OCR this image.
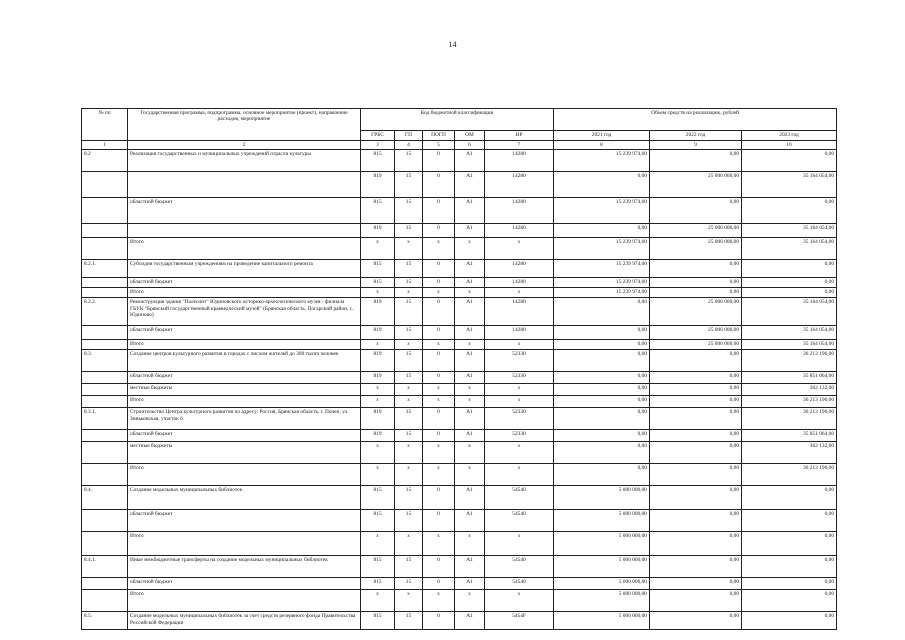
14
№ пп	Государственная программа, подпрограмма, основное мероприятие (проект), направление расходов, мероприятие	Код бюджетной классификации					Объем средств на реализацию, рублей		
		ГРБС	ГП	ПОГП	ОМ	НР	2021 год	2022 год	2023 год
1	2	3	4	5	6	7	8	9	10
8.2	Реализация государственных и муниципальных учреждений отрасли культуры	815	15	0	A1	14280	15 239 974,00	0,00	0,00
		819	15	0	A1	14280	0,00	25 000 000,00	35 164 054,00
	областной бюджет	815	15	0	A1	14280	15 239 974,00	0,00	0,00
		819	15	0	A1	14280	0,00	25 000 000,00	35 164 054,00
	Итого	x	x	x	x	x	15 239 974,00	25 000 000,00	35 164 054,00
8.2.1.	Субсидия государственным учреждениям на проведение капитального ремонта	815	15	0	A1	14280	15 239 974,00	0,00	0,00
	областной бюджет	815	15	0	A1	14280	15 239 974,00	0,00	0,00
	Итого	x	x	x	x	x	15 239 974,00	0,00	0,00
8.2.2.	Реконструкция здания "Палеолит" Юдиновского историко-археологического музея - филиала ГБУК "Брянский государственный краеведческий музей" (Брянская область, Погарский район, с. Юдиново)	819	15	0	A1	14280	0,00	25 000 000,00	35 164 054,00
	областной бюджет	819	15	0	A1	14280	0,00	25 000 000,00	35 164 054,00
	Итого	x	x	x	x	x	0,00	25 000 000,00	35 164 054,00
8.3.	Создание центров культурного развития в городах с числом жителей до 300 тысяч человек	819	15	0	A1	52330	0,00	0,00	36 213 196,00
	областной бюджет	819	15	0	A1	52330	0,00	0,00	35 851 064,00
	местные бюджеты	x	x	x	x	x	0,00	0,00	362 132,00
	Итого	x	x	x	x	x	0,00	0,00	36 213 196,00
8.3.1.	Строительство Центра культурного развития по адресу: Россия, Брянская область, г. Почеп, ул. Зиньковская, участок 6	819	15	0	A1	52330	0,00	0,00	36 213 196,00
	областной бюджет	819	15	0	A1	52330	0,00	0,00	35 851 064,00
	местные бюджеты	x	x	x	x	x	0,00	0,00	362 132,00
	Итого	x	x	x	x	x	0,00	0,00	36 213 196,00
8.4.	Создание модельных муниципальных библиотек	815	15	0	A1	54540	5 000 000,00	0,00	0,00
	областной бюджет	815	15	0	A1	54540	5 000 000,00	0,00	0,00
	Итого	x	x	x	x	x	5 000 000,00	0,00	0,00
8.4.1.	Иные межбюджетные трансферты на создание модельных муниципальных библиотек	815	15	0	A1	54540	5 000 000,00	0,00	0,00
	областной бюджет	815	15	0	A1	54540	5 000 000,00	0,00	0,00
	Итого	x	x	x	x	x	5 000 000,00	0,00	0,00
8.5.	Создание модельных муниципальных библиотек за счет средств резервного фонда Правительства Российской Федерации	815	15	0	A1	5454F	5 000 000,00	0,00	0,00
